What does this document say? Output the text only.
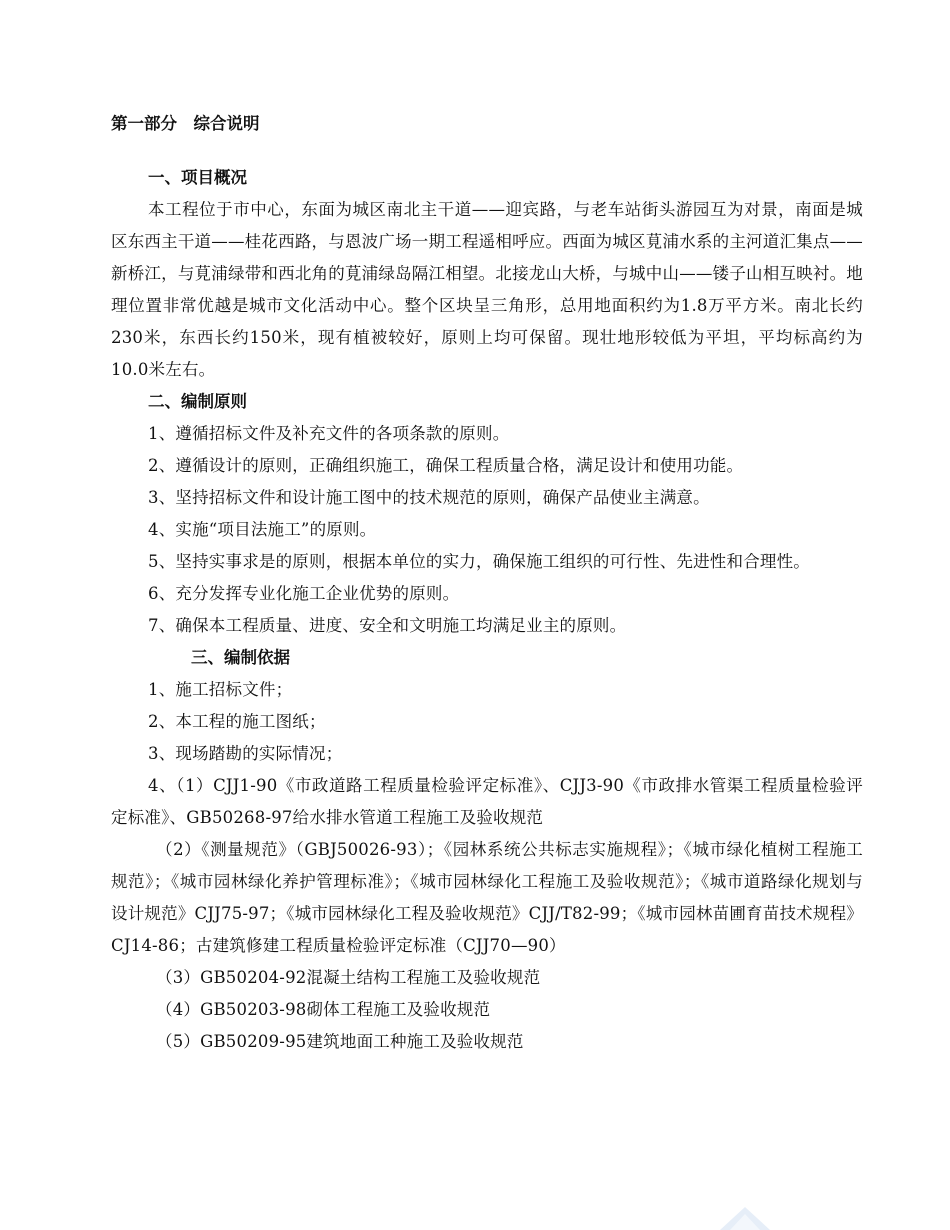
第一部分　综合说明
一、项目概况
本工程位于市中心，东面为城区南北主干道——迎宾路，与老车站街头游园互为对景，南面是城区东西主干道——桂花西路，与恩波广场一期工程遥相呼应。西面为城区莧浦水系的主河道汇集点——新桥江，与莧浦绿带和西北角的莧浦绿岛隔江相望。北接龙山大桥，与城中山——镂子山相互映衬。地理位置非常优越是城市文化活动中心。整个区块呈三角形，总用地面积约为1.8万平方米。南北长约230米，东西长约150米，现有植被较好，原则上均可保留。现壮地形较低为平坦，平均标高约为10.0米左右。
二、编制原则
1、遵循招标文件及补充文件的各项条款的原则。
2、遵循设计的原则，正确组织施工，确保工程质量合格，满足设计和使用功能。
3、坚持招标文件和设计施工图中的技术规范的原则，确保产品使业主满意。
4、实施“项目法施工”的原则。
5、坚持实事求是的原则，根据本单位的实力，确保施工组织的可行性、先进性和合理性。
6、充分发挥专业化施工企业优势的原则。
7、确保本工程质量、进度、安全和文明施工均满足业主的原则。
三、编制依据
1、施工招标文件；
2、本工程的施工图纸；
3、现场踏勘的实际情况；
4、（1）CJJ1-90《市政道路工程质量检验评定标准》、CJJ3-90《市政排水管渠工程质量检验评定标准》、GB50268-97给水排水管道工程施工及验收规范
（2）《测量规范》（GBJ50026-93）；《园林系统公共标志实施规程》；《城市绿化植树工程施工规范》；《城市园林绿化养护管理标准》；《城市园林绿化工程施工及验收规范》；《城市道路绿化规划与设计规范》CJJ75-97；《城市园林绿化工程及验收规范》CJJ/T82-99；《城市园林苗圃育苗技术规程》CJ14-86；古建筑修建工程质量检验评定标准（CJJ70—90）
（3）GB50204-92混凝土结构工程施工及验收规范
（4）GB50203-98砌体工程施工及验收规范
（5）GB50209-95建筑地面工种施工及验收规范
